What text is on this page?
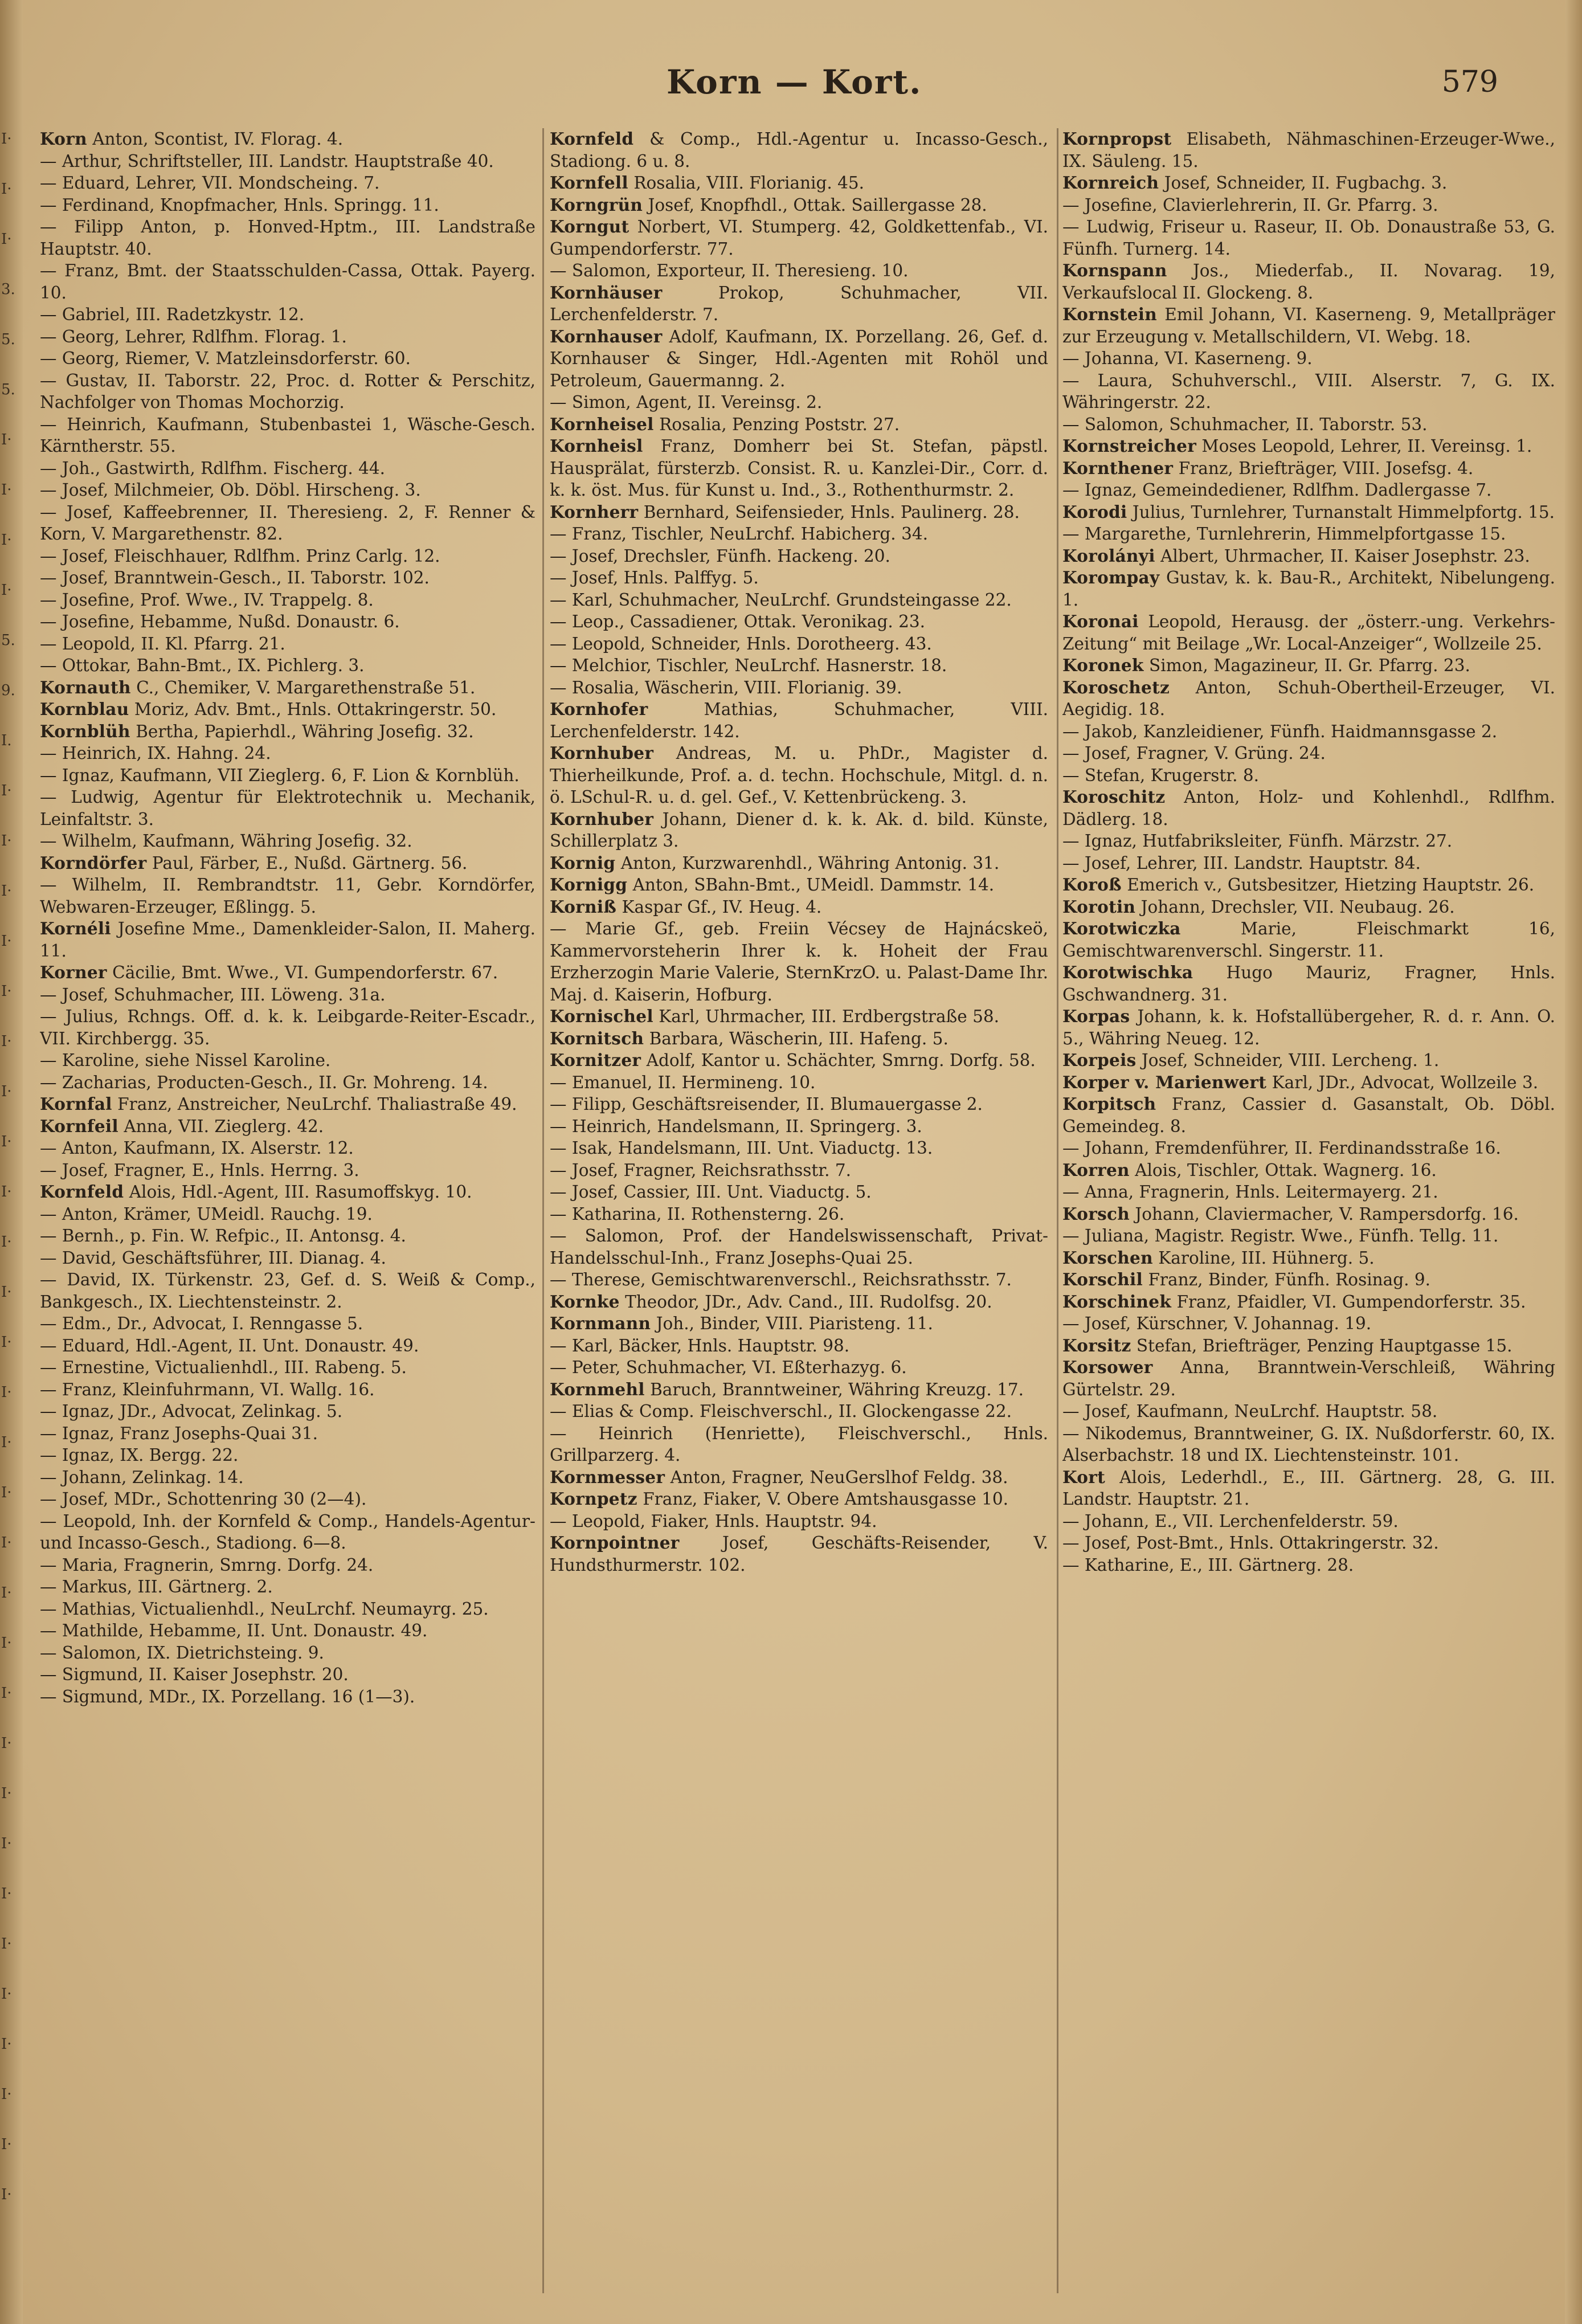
I·
I·
I·
3.
5.
5.
I·
I·
I·
I·
5.
9.
I.
I·
I·
I·
I·
I·
I·
I·
I·
I·
I·
I·
I·
I·
I·
I·
I·
I·
I·
I·
I·
I·
I·
I·
I·
I·
I·
I·
I·
I·
Korn — Kort.	579

Korn Anton, Scontist, IV. Florag. 4.

— Arthur, Schriftsteller, III. Landstr. Hauptstraße 40.

— Eduard, Lehrer, VII. Mondscheing. 7.

— Ferdinand, Knopfmacher, Hnls. Springg. 11.

— Filipp Anton, p. Honved-Hptm., III. Landstraße Hauptstr. 40.

— Franz, Bmt. der Staatsschulden-Cassa, Ottak. Payerg. 10.

— Gabriel, III. Radetzkystr. 12.

— Georg, Lehrer, Rdlfhm. Florag. 1.

— Georg, Riemer, V. Matzleinsdorferstr. 60.

— Gustav, II. Taborstr. 22, Proc. d. Rotter & Perschitz, Nachfolger von Thomas Mochorzig.

— Heinrich, Kaufmann, Stubenbastei 1, Wäsche-Gesch. Kärntherstr. 55.

— Joh., Gastwirth, Rdlfhm. Fischerg. 44.

— Josef, Milchmeier, Ob. Döbl. Hirscheng. 3.

— Josef, Kaffeebrenner, II. Theresieng. 2, F. Renner & Korn, V. Margarethenstr. 82.

— Josef, Fleischhauer, Rdlfhm. Prinz Carlg. 12.

— Josef, Branntwein-Gesch., II. Taborstr. 102.

— Josefine, Prof. Wwe., IV. Trappelg. 8.

— Josefine, Hebamme, Nußd. Donaustr. 6.

— Leopold, II. Kl. Pfarrg. 21.

— Ottokar, Bahn-Bmt., IX. Pichlerg. 3.

Kornauth C., Chemiker, V. Margarethenstraße 51.

Kornblau Moriz, Adv. Bmt., Hnls. Ottakringerstr. 50.

Kornblüh Bertha, Papierhdl., Währing Josefig. 32.

— Heinrich, IX. Hahng. 24.

— Ignaz, Kaufmann, VII Zieglerg. 6, F. Lion & Kornblüh.

— Ludwig, Agentur für Elektrotechnik u. Mechanik, Leinfaltstr. 3.

— Wilhelm, Kaufmann, Währing Josefig. 32.

Korndörfer Paul, Färber, E., Nußd. Gärtnerg. 56.

— Wilhelm, II. Rembrandtstr. 11, Gebr. Korndörfer, Webwaren-Erzeuger, Eßlingg. 5.

Kornéli Josefine Mme., Damenkleider-Salon, II. Maherg. 11.

Korner Cäcilie, Bmt. Wwe., VI. Gumpendorferstr. 67.

— Josef, Schuhmacher, III. Löweng. 31a.

— Julius, Rchngs. Off. d. k. k. Leibgarde-Reiter-Escadr., VII. Kirchbergg. 35.

— Karoline, siehe Nissel Karoline.

— Zacharias, Producten-Gesch., II. Gr. Mohreng. 14.

Kornfal Franz, Anstreicher, NeuLrchf. Thaliastraße 49.

Kornfeil Anna, VII. Zieglerg. 42.

— Anton, Kaufmann, IX. Alserstr. 12.

— Josef, Fragner, E., Hnls. Herrng. 3.

Kornfeld Alois, Hdl.-Agent, III. Rasumoffskyg. 10.

— Anton, Krämer, UMeidl. Rauchg. 19.

— Bernh., p. Fin. W. Refpic., II. Antonsg. 4.

— David, Geschäftsführer, III. Dianag. 4.

— David, IX. Türkenstr. 23, Gef. d. S. Weiß & Comp., Bankgesch., IX. Liechtensteinstr. 2.

— Edm., Dr., Advocat, I. Renngasse 5.

— Eduard, Hdl.-Agent, II. Unt. Donaustr. 49.

— Ernestine, Victualienhdl., III. Rabeng. 5.

— Franz, Kleinfuhrmann, VI. Wallg. 16.

— Ignaz, JDr., Advocat, Zelinkag. 5.

— Ignaz, Franz Josephs-Quai 31.

— Ignaz, IX. Bergg. 22.

— Johann, Zelinkag. 14.

— Josef, MDr., Schottenring 30 (2—4).

— Leopold, Inh. der Kornfeld & Comp., Handels-Agentur- und Incasso-Gesch., Stadiong. 6—8.

— Maria, Fragnerin, Smrng. Dorfg. 24.

— Markus, III. Gärtnerg. 2.

— Mathias, Victualienhdl., NeuLrchf. Neumayrg. 25.

— Mathilde, Hebamme, II. Unt. Donaustr. 49.

— Salomon, IX. Dietrichsteing. 9.

— Sigmund, II. Kaiser Josephstr. 20.

— Sigmund, MDr., IX. Porzellang. 16 (1—3).

Kornfeld & Comp., Hdl.-Agentur u. Incasso-Gesch., Stadiong. 6 u. 8.

Kornfell Rosalia, VIII. Florianig. 45.

Korngrün Josef, Knopfhdl., Ottak. Saillergasse 28.

Korngut Norbert, VI. Stumperg. 42, Goldkettenfab., VI. Gumpendorferstr. 77.

— Salomon, Exporteur, II. Theresieng. 10.

Kornhäuser	Prokop, Schuhmacher, VII. Lerchenfelderstr. 7.

Kornhauser Adolf, Kaufmann, IX. Porzellang. 26, Gef. d. Kornhauser & Singer, Hdl.-Agenten mit Rohöl und Petroleum, Gauermanng. 2.

— Simon, Agent, II. Vereinsg. 2.

Kornheisel Rosalia, Penzing Poststr. 27.

Kornheisl Franz, Domherr bei St. Stefan, päpstl. Hausprälat, fürsterzb. Consist. R. u. Kanzlei-Dir., Corr. d. k. k. öst. Mus. für Kunst u. Ind., 3., Rothenthurmstr. 2.

Kornherr Bernhard, Seifensieder, Hnls. Paulinerg. 28.

— Franz, Tischler, NeuLrchf. Habicherg. 34.

— Josef, Drechsler, Fünfh. Hackeng. 20.

— Josef, Hnls. Palffyg. 5.

— Karl, Schuhmacher, NeuLrchf. Grundsteingasse 22.

— Leop., Cassadiener, Ottak. Veronikag. 23.

— Leopold, Schneider, Hnls. Dorotheerg. 43.

— Melchior, Tischler, NeuLrchf. Hasnerstr. 18.

— Rosalia, Wäscherin, VIII. Florianig. 39.

Kornhofer	Mathias, Schuhmacher, VIII. Lerchenfelderstr. 142.

Kornhuber Andreas, M. u. PhDr., Magister d. Thierheilkunde, Prof. a. d. techn. Hochschule, Mitgl. d. n. ö. LSchul-R. u. d. gel. Gef., V. Kettenbrückeng. 3.

Kornhuber Johann, Diener d. k. k. Ak. d. bild. Künste, Schillerplatz 3.

Kornig Anton, Kurzwarenhdl., Währing Antonig. 31.

Kornigg Anton, SBahn-Bmt., UMeidl. Dammstr. 14.

Korniß Kaspar Gf., IV. Heug. 4.

— Marie Gf., geb. Freiin Vécsey de Hajnácskeö, Kammervorsteherin Ihrer k. k. Hoheit der Frau Erzherzogin Marie Valerie, SternKrzO. u. Palast-Dame Ihr. Maj. d. Kaiserin, Hofburg.

Kornischel Karl, Uhrmacher, III. Erdbergstraße 58.

Kornitsch Barbara, Wäscherin, III. Hafeng. 5.

Kornitzer Adolf, Kantor u. Schächter, Smrng. Dorfg. 58.

— Emanuel, II. Hermineng. 10.

— Filipp, Geschäftsreisender, II. Blumauergasse 2.

— Heinrich, Handelsmann, II. Springerg. 3.

— Isak, Handelsmann, III. Unt. Viaductg. 13.

— Josef, Fragner, Reichsrathsstr. 7.

— Josef, Cassier, III. Unt. Viaductg. 5.

— Katharina, II. Rothensterng. 26.

— Salomon, Prof. der Handelswissenschaft, Privat-Handelsschul-Inh., Franz Josephs-Quai 25.

— Therese, Gemischtwarenverschl., Reichsrathsstr. 7.

Kornke Theodor, JDr., Adv. Cand., III. Rudolfsg. 20.

Kornmann Joh., Binder, VIII. Piaristeng. 11.

— Karl, Bäcker, Hnls. Hauptstr. 98.

— Peter, Schuhmacher, VI. Eßterhazyg. 6.

Kornmehl Baruch, Branntweiner, Währing Kreuzg. 17.

— Elias & Comp. Fleischverschl., II. Glockengasse 22.

— Heinrich (Henriette), Fleischverschl., Hnls. Grillparzerg. 4.

Kornmesser Anton, Fragner, NeuGerslhof Feldg. 38.

Kornpetz Franz, Fiaker, V. Obere Amtshausgasse 10.

— Leopold, Fiaker, Hnls. Hauptstr. 94.

Kornpointner	Josef, Geschäfts-Reisender, V. Hundsthurmerstr. 102.

Kornpropst Elisabeth, Nähmaschinen-Erzeuger-Wwe., IX. Säuleng. 15.

Kornreich Josef, Schneider, II. Fugbachg. 3.

— Josefine, Clavierlehrerin, II. Gr. Pfarrg. 3.

— Ludwig, Friseur u. Raseur, II. Ob. Donaustraße 53, G. Fünfh. Turnerg. 14.

Kornspann Jos., Miederfab., II. Novarag. 19, Verkaufslocal II. Glockeng. 8.

Kornstein Emil Johann, VI. Kaserneng. 9, Metallpräger zur Erzeugung v. Metallschildern, VI. Webg. 18.

— Johanna, VI. Kaserneng. 9.

— Laura, Schuhverschl., VIII. Alserstr. 7, G. IX. Währingerstr. 22.

— Salomon, Schuhmacher, II. Taborstr. 53.

Kornstreicher Moses Leopold, Lehrer, II. Vereinsg. 1.

Kornthener Franz, Briefträger, VIII. Josefsg. 4.

— Ignaz, Gemeindediener, Rdlfhm. Dadlergasse 7.

Korodi Julius, Turnlehrer, Turnanstalt Himmelpfortg. 15.

— Margarethe, Turnlehrerin, Himmelpfortgasse 15.

Korolányi Albert, Uhrmacher, II. Kaiser Josephstr. 23.

Korompay Gustav, k. k. Bau-R., Architekt, Nibelungeng. 1.

Koronai Leopold, Herausg. der „österr.-ung. Verkehrs-Zeitung“ mit Beilage „Wr. Local-Anzeiger“, Wollzeile 25.

Koronek Simon, Magazineur, II. Gr. Pfarrg. 23.

Koroschetz Anton, Schuh-Obertheil-Erzeuger, VI. Aegidig. 18.

— Jakob, Kanzleidiener, Fünfh. Haidmannsgasse 2.

— Josef, Fragner, V. Grüng. 24.

— Stefan, Krugerstr. 8.

Koroschitz Anton, Holz- und Kohlenhdl., Rdlfhm. Dädlerg. 18.

— Ignaz, Hutfabriksleiter, Fünfh. Märzstr. 27.

— Josef, Lehrer, III. Landstr. Hauptstr. 84.

Koroß Emerich v., Gutsbesitzer, Hietzing Hauptstr. 26.

Korotin Johann, Drechsler, VII. Neubaug. 26.

Korotwiczka	Marie, Fleischmarkt 16, Gemischtwarenverschl. Singerstr. 11.

Korotwischka Hugo Mauriz, Fragner, Hnls. Gschwandnerg. 31.

Korpas Johann, k. k. Hofstallübergeher, R. d. r. Ann. O. 5., Währing Neueg. 12.

Korpeis Josef, Schneider, VIII. Lercheng. 1.

Korper v. Marienwert Karl, JDr., Advocat, Wollzeile 3.

Korpitsch Franz, Cassier d. Gasanstalt, Ob. Döbl. Gemeindeg. 8.

— Johann, Fremdenführer, II. Ferdinandsstraße 16.

Korren Alois, Tischler, Ottak. Wagnerg. 16.

— Anna, Fragnerin, Hnls. Leitermayerg. 21.

Korsch Johann, Claviermacher, V. Rampersdorfg. 16.

— Juliana, Magistr. Registr. Wwe., Fünfh. Tellg. 11.

Korschen Karoline, III. Hühnerg. 5.

Korschil Franz, Binder, Fünfh. Rosinag. 9.

Korschinek Franz, Pfaidler, VI. Gumpendorferstr. 35.

— Josef, Kürschner, V. Johannag. 19.

Korsitz Stefan, Briefträger, Penzing Hauptgasse 15.

Korsower Anna, Branntwein-Verschleiß, Währing Gürtelstr. 29.

— Josef, Kaufmann, NeuLrchf. Hauptstr. 58.

— Nikodemus, Branntweiner, G. IX. Nußdorferstr. 60, IX. Alserbachstr. 18 und IX. Liechtensteinstr. 101.

Kort Alois, Lederhdl., E., III. Gärtnerg. 28, G. III. Landstr. Hauptstr. 21.

— Johann, E., VII. Lerchenfelderstr. 59.

— Josef, Post-Bmt., Hnls. Ottakringerstr. 32.

— Katharine, E., III. Gärtnerg. 28.
